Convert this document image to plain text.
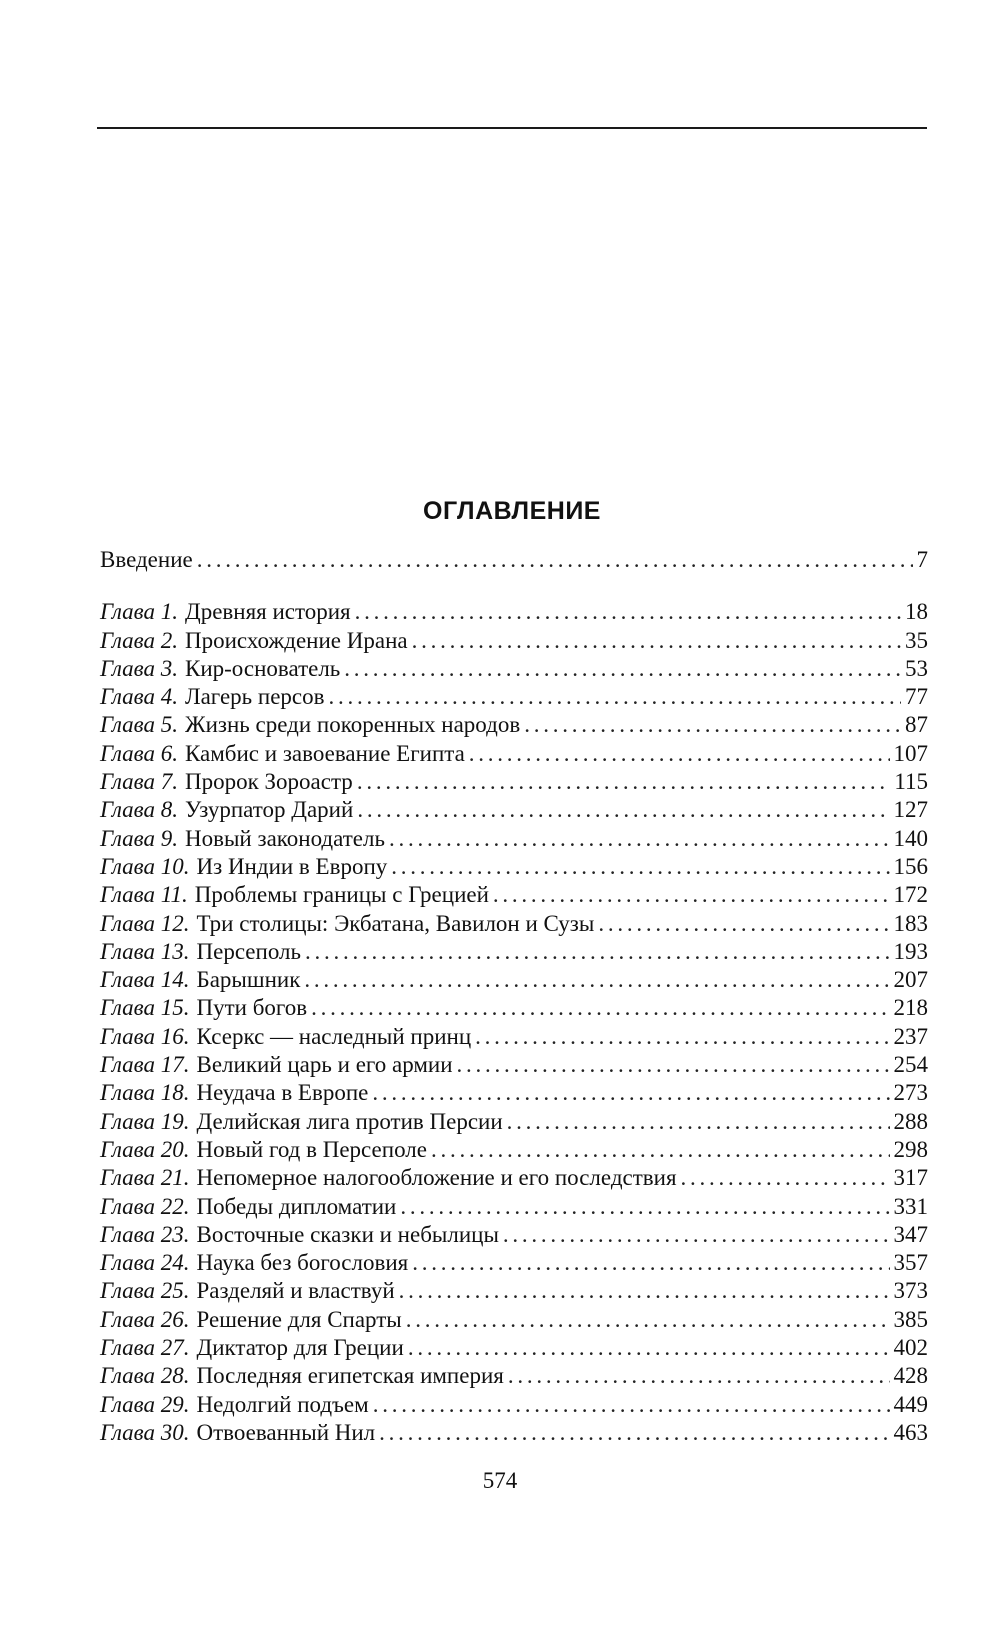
ОГЛАВЛЕНИЕ
Введение . . .	7
Глава 1. Древняя история . . .	18
Глава 2. Происхождение Ирана . . .	35
Глава 3. Кир-основатель . . .	53
Глава 4. Лагерь персов . . .	77
Глава 5. Жизнь среди покоренных народов . . .	87
Глава 6. Камбис и завоевание Египта . . .	107
Глава 7. Пророк Зороастр . . .	115
Глава 8. Узурпатор Дарий . . .	127
Глава 9. Новый законодатель . . .	140
Глава 10. Из Индии в Европу . . .	156
Глава 11. Проблемы границы с Грецией . . .	172
Глава 12. Три столицы: Экбатана, Вавилон и Сузы . . .	183
Глава 13. Персеполь . . .	193
Глава 14. Барышник . . .	207
Глава 15. Пути богов . . .	218
Глава 16. Ксеркс — наследный принц . . .	237
Глава 17. Великий царь и его армии . . .	254
Глава 18. Неудача в Европе . . .	273
Глава 19. Делийская лига против Персии . . .	288
Глава 20. Новый год в Персеполе . . .	298
Глава 21. Непомерное налогообложение и его последствия . . .	317
Глава 22. Победы дипломатии . . .	331
Глава 23. Восточные сказки и небылицы . . .	347
Глава 24. Наука без богословия . . .	357
Глава 25. Разделяй и властвуй . . .	373
Глава 26. Решение для Спарты . . .	385
Глава 27. Диктатор для Греции . . .	402
Глава 28. Последняя египетская империя . . .	428
Глава 29. Недолгий подъем . . .	449
Глава 30. Отвоеванный Нил . . .	463
574
